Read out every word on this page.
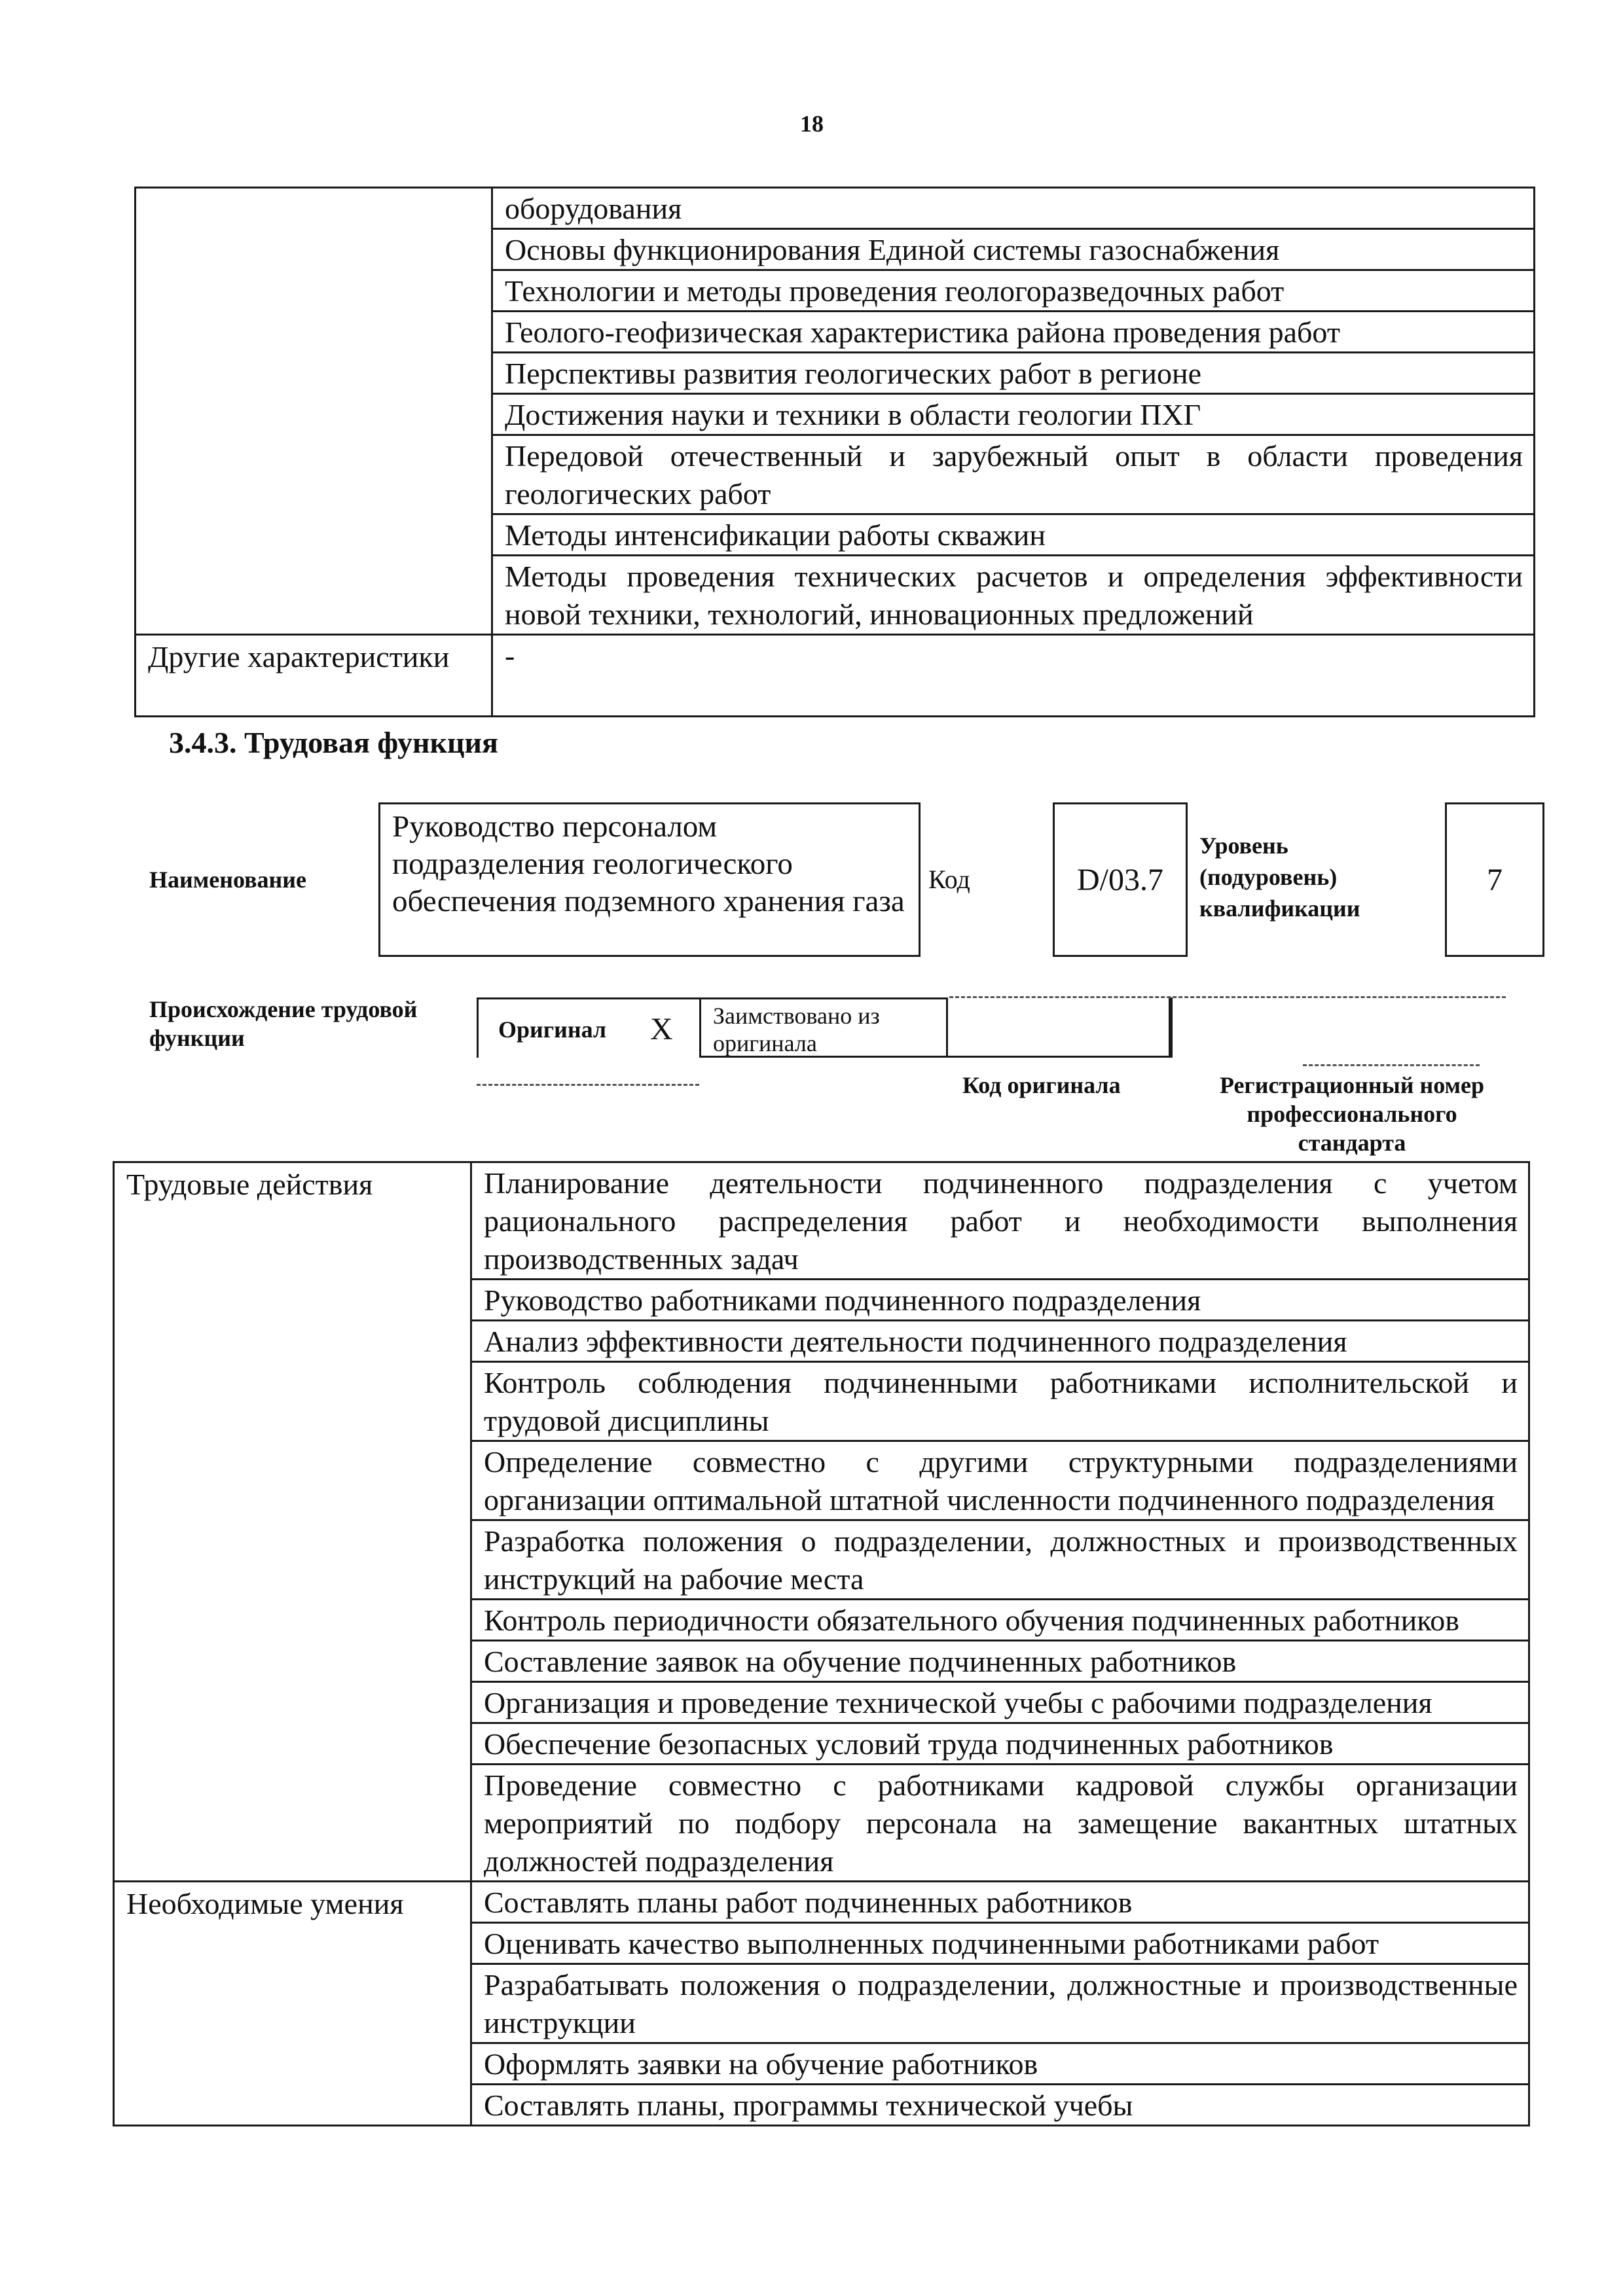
18
	оборудования
	Основы функционирования Единой системы газоснабжения
	Технологии и методы проведения геологоразведочных работ
	Геолого-геофизическая характеристика района проведения работ
	Перспективы развития геологических работ в регионе
	Достижения науки и техники в области геологии ПХГ
	Передовой отечественный и зарубежный опыт в области проведения геологических работ
	Методы интенсификации работы скважин
	Методы проведения технических расчетов и определения эффективности новой техники, технологий, инновационных предложений
Другие характеристики	-
3.4.3. Трудовая функция
Наименование
Руководство персоналом подразделения геологического обеспечения подземного хранения газа
Код	D/03.7
Уровень (подуровень) квалификации
7
Происхождение трудовой функции	Оригинал X Заимствовано из оригинала
Код оригинала	Регистрационный номер профессионального стандарта
Трудовые действия	Планирование деятельности подчиненного подразделения с учетом рационального распределения работ и необходимости выполнения производственных задач
	Руководство работниками подчиненного подразделения
	Анализ эффективности деятельности подчиненного подразделения
	Контроль соблюдения подчиненными работниками исполнительской и трудовой дисциплины
	Определение совместно с другими структурными подразделениями организации оптимальной штатной численности подчиненного подразделения
	Разработка положения о подразделении, должностных и производственных инструкций на рабочие места
	Контроль периодичности обязательного обучения подчиненных работников
	Составление заявок на обучение подчиненных работников
	Организация и проведение технической учебы с рабочими подразделения
	Обеспечение безопасных условий труда подчиненных работников
	Проведение совместно с работниками кадровой службы организации мероприятий по подбору персонала на замещение вакантных штатных должностей подразделения
Необходимые умения	Составлять планы работ подчиненных работников
	Оценивать качество выполненных подчиненными работниками работ
	Разрабатывать положения о подразделении, должностные и производственные инструкции
	Оформлять заявки на обучение работников
	Составлять планы, программы технической учебы
